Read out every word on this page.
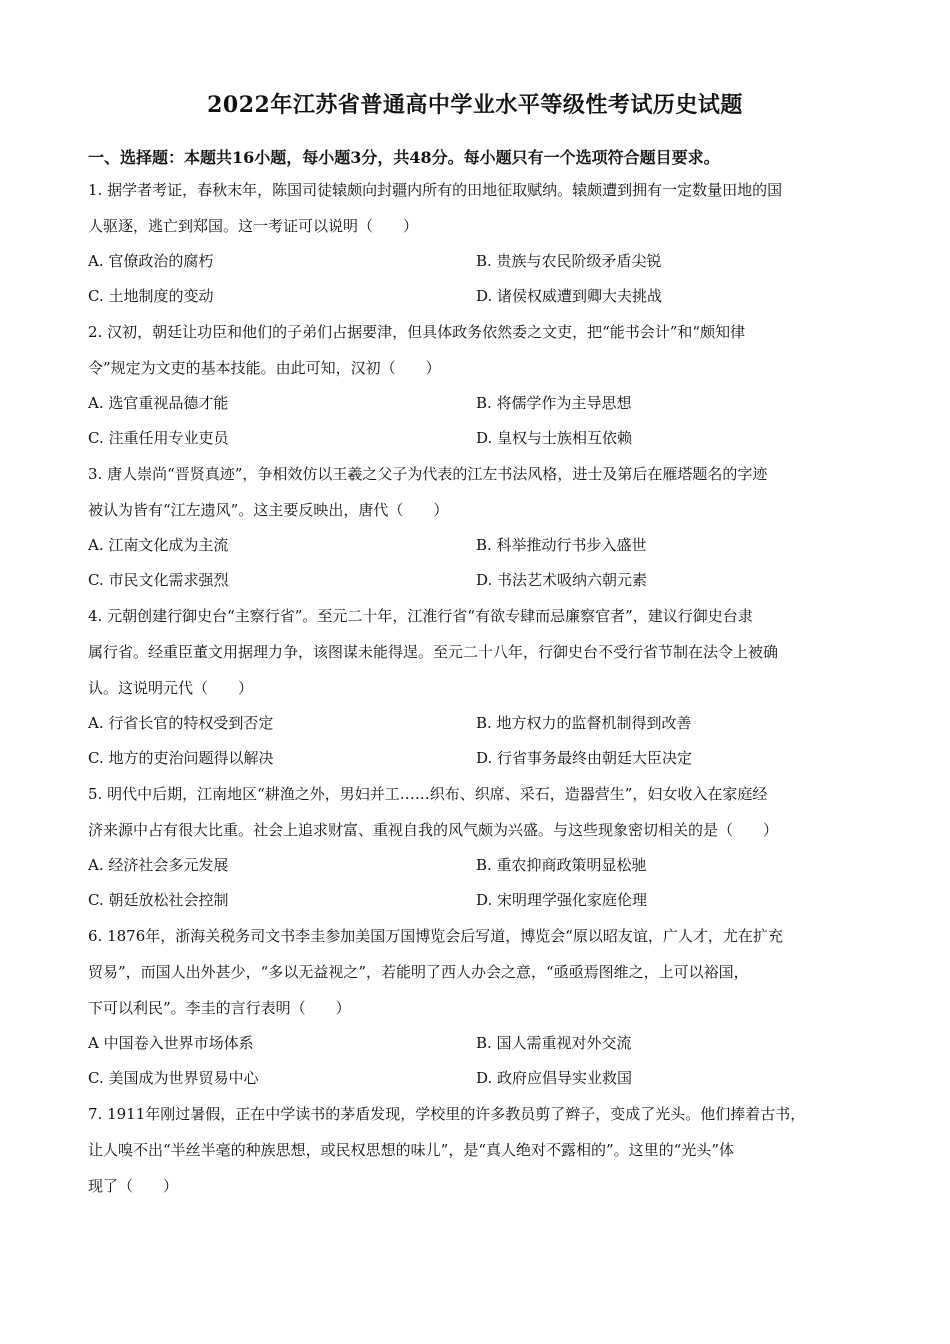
2022年江苏省普通高中学业水平等级性考试历史试题

一、选择题：本题共16小题，每小题3分，共48分。每小题只有一个选项符合题目要求。

1. 据学者考证，春秋末年，陈国司徒辕颇向封疆内所有的田地征取赋纳。辕颇遭到拥有一定数量田地的国

人驱逐，逃亡到郑国。这一考证可以说明（　　）

A. 官僚政治的腐朽	B. 贵族与农民阶级矛盾尖锐
C. 土地制度的变动	D. 诸侯权威遭到卿大夫挑战

2. 汉初，朝廷让功臣和他们的子弟们占据要津，但具体政务依然委之文吏，把“能书会计”和“颇知律

令”规定为文吏的基本技能。由此可知，汉初（　　）

A. 选官重视品德才能	B. 将儒学作为主导思想
C. 注重任用专业吏员	D. 皇权与士族相互依赖

3. 唐人崇尚“晋贤真迹”，争相效仿以王羲之父子为代表的江左书法风格，进士及第后在雁塔题名的字迹

被认为皆有“江左遗风”。这主要反映出，唐代（　　）

A. 江南文化成为主流	B. 科举推动行书步入盛世
C. 市民文化需求强烈	D. 书法艺术吸纳六朝元素

4. 元朝创建行御史台“主察行省”。至元二十年，江淮行省“有欲专肆而忌廉察官者”，建议行御史台隶

属行省。经重臣董文用据理力争，该图谋未能得逞。至元二十八年，行御史台不受行省节制在法令上被确

认。这说明元代（　　）

A. 行省长官的特权受到否定	B. 地方权力的监督机制得到改善
C. 地方的吏治问题得以解决	D. 行省事务最终由朝廷大臣决定

5. 明代中后期，江南地区“耕渔之外，男妇并工……织布、织席、采石，造器营生”，妇女收入在家庭经

济来源中占有很大比重。社会上追求财富、重视自我的风气颇为兴盛。与这些现象密切相关的是（　　）

A. 经济社会多元发展	B. 重农抑商政策明显松驰
C. 朝廷放松社会控制	D. 宋明理学强化家庭伦理

6. 1876年，浙海关税务司文书李圭参加美国万国博览会后写道，博览会“原以昭友谊，广人才，尤在扩充

贸易”，而国人出外甚少，“多以无益视之”，若能明了西人办会之意，“亟亟焉图维之，上可以裕国，

下可以利民”。李圭的言行表明（　　）

A 中国卷入世界市场体系	B. 国人需重视对外交流
C. 美国成为世界贸易中心	D. 政府应倡导实业救国

7. 1911年刚过暑假，正在中学读书的茅盾发现，学校里的许多教员剪了辫子，变成了光头。他们捧着古书，

让人嗅不出“半丝半毫的种族思想，或民权思想的味儿”，是“真人绝对不露相的”。这里的“光头”体

现了（　　）
